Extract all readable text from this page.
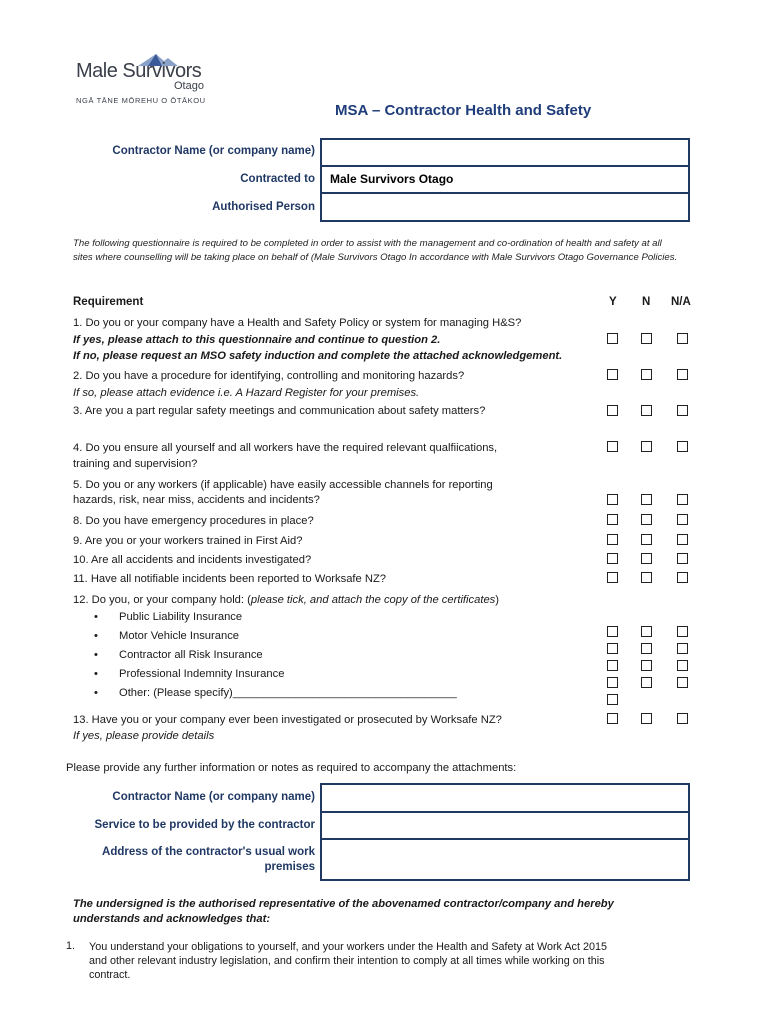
Male Survivors
Otago
NGĀ TĀNE MŌREHU O ŌTĀKOU
MSA – Contractor Health and Safety
Contractor Name (or company name)
Contracted to
Authorised Person
Male Survivors Otago
The following questionnaire is required to be completed in order to assist with the management and co-ordination of health and safety at all sites where counselling will be taking place on behalf of (Male Survivors Otago In accordance with Male Survivors Otago Governance Policies.
Requirement	Y N N/A
1. Do you or your company have a Health and Safety Policy or system for managing H&S?
If yes, please attach to this questionnaire and continue to question 2.
If no, please request an MSO safety induction and complete the attached acknowledgement.
2. Do you have a procedure for identifying, controlling and monitoring hazards?
If so, please attach evidence i.e. A Hazard Register for your premises.
3. Are you a part regular safety meetings and communication about safety matters?
4. Do you ensure all yourself and all workers have the required relevant qualfiications,
training and supervision?
5. Do you or any workers (if applicable) have easily accessible channels for reporting
hazards, risk, near miss, accidents and incidents?
8. Do you have emergency procedures in place?
9. Are you or your workers trained in First Aid?
10. Are all accidents and incidents investigated?
11. Have all notifiable incidents been reported to Worksafe NZ?
12. Do you, or your company hold: (please tick, and attach the copy of the certificates)
• Public Liability Insurance
• Motor Vehicle Insurance
• Contractor all Risk Insurance
• Professional Indemnity Insurance
• Other: (Please specify)____________________________________
13. Have you or your company ever been investigated or prosecuted by Worksafe NZ?
If yes, please provide details
Please provide any further information or notes as required to accompany the attachments:
Contractor Name (or company name)
Service to be provided by the contractor
Address of the contractor's usual work
premises
The undersigned is the authorised representative of the abovenamed contractor/company and hereby
understands and acknowledges that:
1. You understand your obligations to yourself, and your workers under the Health and Safety at Work Act 2015
and other relevant industry legislation, and confirm their intention to comply at all times while working on this
contract.
